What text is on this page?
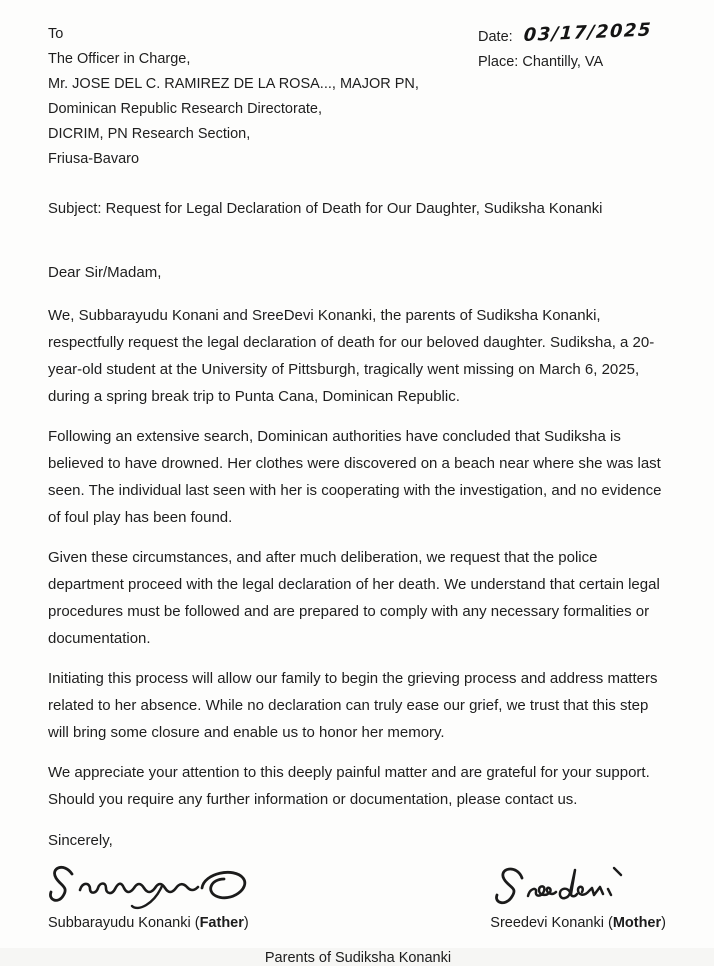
To
The Officer in Charge,
Mr. JOSE DEL C. RAMIREZ DE LA ROSA..., MAJOR PN,
Dominican Republic Research Directorate,
DICRIM, PN Research Section,
Friusa-Bavaro
Date: 03/17/2025
Place: Chantilly, VA
Subject: Request for Legal Declaration of Death for Our Daughter, Sudiksha Konanki
Dear Sir/Madam,

We, Subbarayudu Konani and SreeDevi Konanki, the parents of Sudiksha Konanki, respectfully request the legal declaration of death for our beloved daughter. Sudiksha, a 20-year-old student at the University of Pittsburgh, tragically went missing on March 6, 2025, during a spring break trip to Punta Cana, Dominican Republic.

Following an extensive search, Dominican authorities have concluded that Sudiksha is believed to have drowned. Her clothes were discovered on a beach near where she was last seen. The individual last seen with her is cooperating with the investigation, and no evidence of foul play has been found.

Given these circumstances, and after much deliberation, we request that the police department proceed with the legal declaration of her death. We understand that certain legal procedures must be followed and are prepared to comply with any necessary formalities or documentation.

Initiating this process will allow our family to begin the grieving process and address matters related to her absence. While no declaration can truly ease our grief, we trust that this step will bring some closure and enable us to honor her memory.

We appreciate your attention to this deeply painful matter and are grateful for your support. Should you require any further information or documentation, please contact us.

Sincerely,
Subbarayudu Konanki (Father)	Sreedevi Konanki (Mother)
Parents of Sudiksha Konanki
